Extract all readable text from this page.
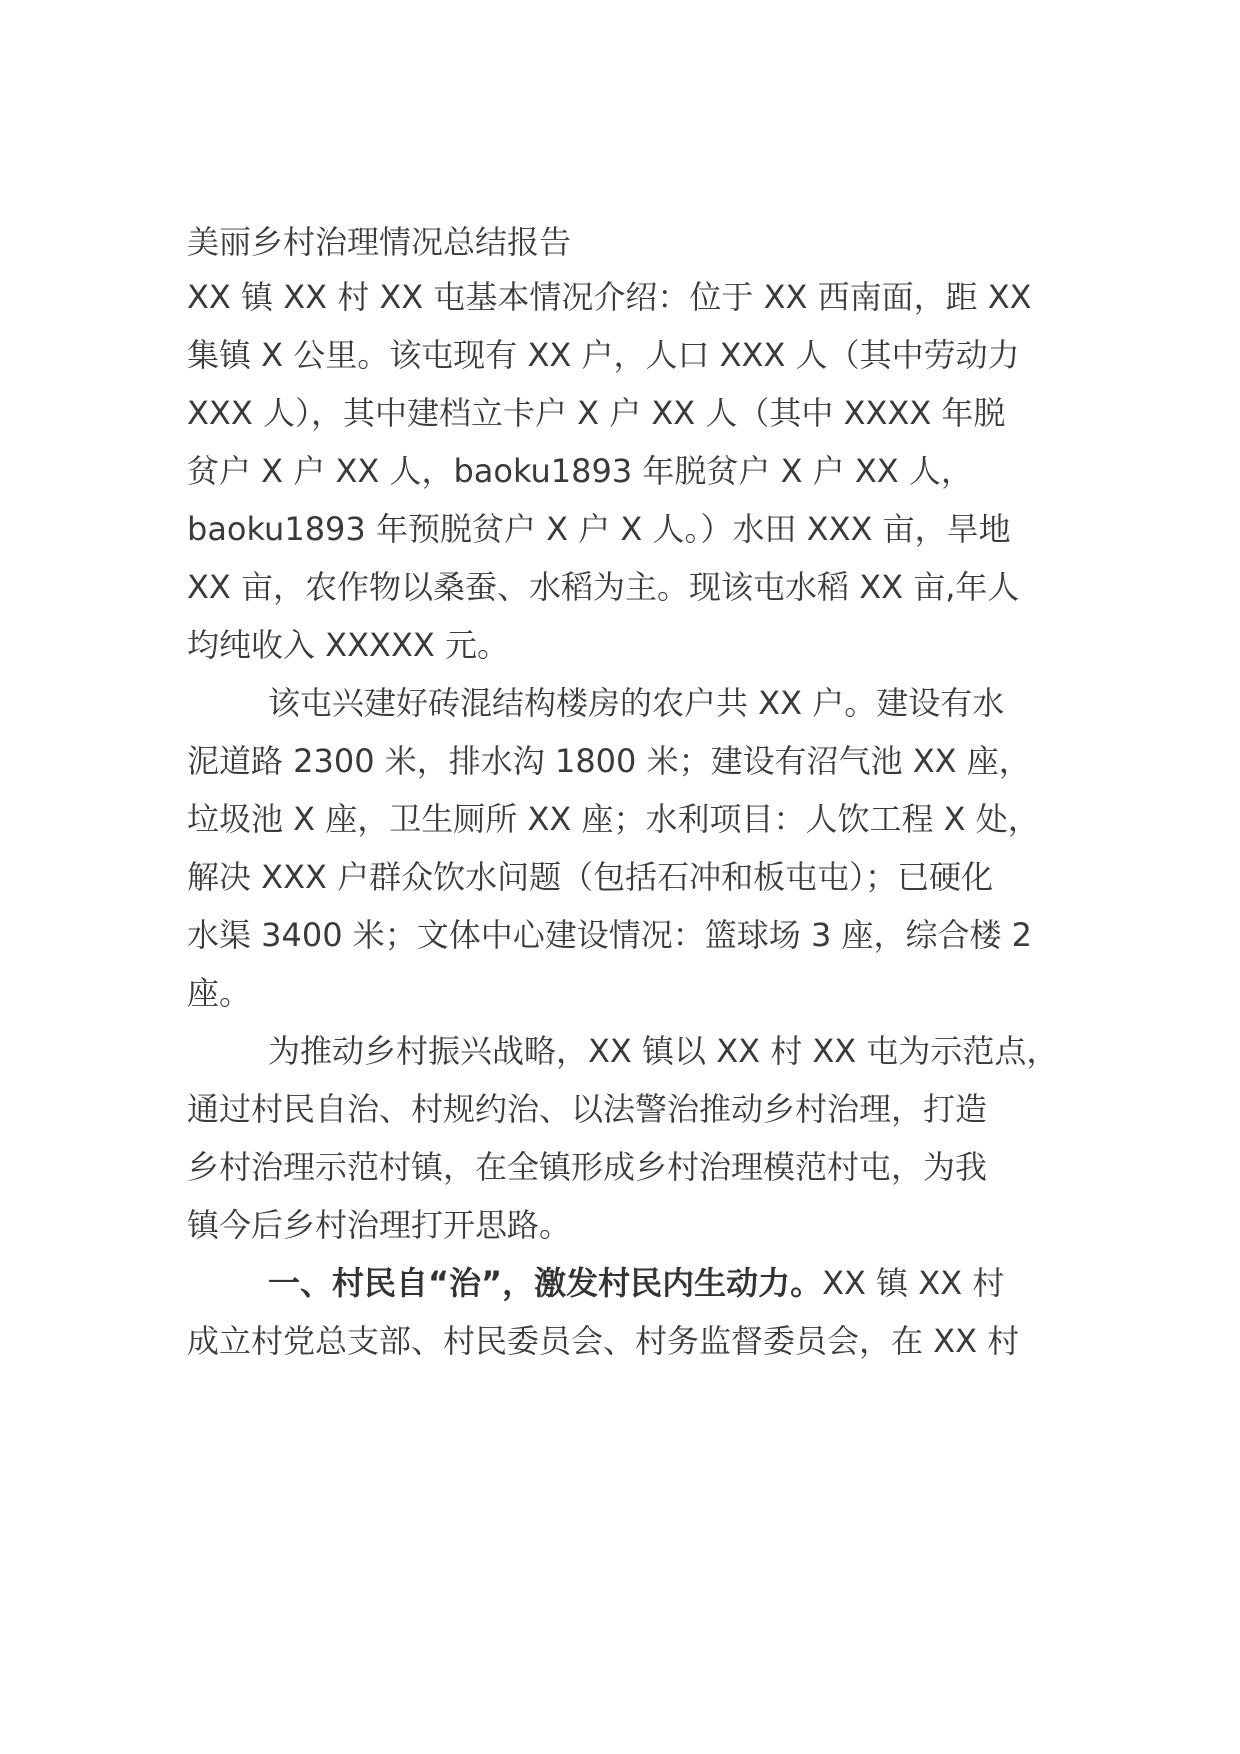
美丽乡村治理情况总结报告
XX 镇 XX 村 XX 屯基本情况介绍：位于 XX 西南面，距 XX
集镇 X 公里。该屯现有 XX 户，人口 XXX 人（其中劳动力
XXX 人），其中建档立卡户 X 户 XX 人（其中 XXXX 年脱
贫户 X 户 XX 人，baoku1893 年脱贫户 X 户 XX 人，
baoku1893 年预脱贫户 X 户 X 人。）水田 XXX 亩，旱地
XX 亩，农作物以桑蚕、水稻为主。现该屯水稻 XX 亩,年人
均纯收入 XXXXX 元。
该屯兴建好砖混结构楼房的农户共 XX 户。建设有水
泥道路 2300 米，排水沟 1800 米；建设有沼气池 XX 座，
垃圾池 X 座，卫生厕所 XX 座；水利项目：人饮工程 X 处，
解决 XXX 户群众饮水问题（包括石冲和板屯屯）；已硬化
水渠 3400 米；文体中心建设情况：篮球场 3 座，综合楼 2
座。
为推动乡村振兴战略，XX 镇以 XX 村 XX 屯为示范点，
通过村民自治、村规约治、以法警治推动乡村治理，打造
乡村治理示范村镇，在全镇形成乡村治理模范村屯，为我
镇今后乡村治理打开思路。
一、村民自“治”，激发村民内生动力。XX 镇 XX 村
成立村党总支部、村民委员会、村务监督委员会，在 XX 村
